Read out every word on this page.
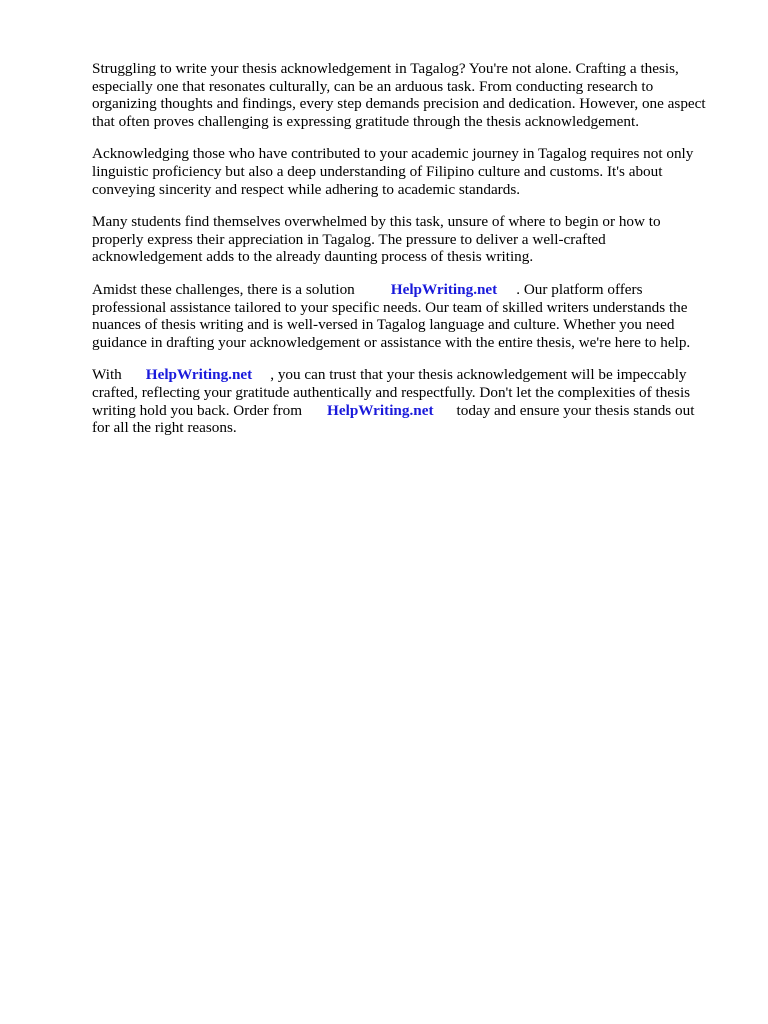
Struggling to write your thesis acknowledgement in Tagalog? You're not alone. Crafting a thesis,
especially one that resonates culturally, can be an arduous task. From conducting research to
organizing thoughts and findings, every step demands precision and dedication. However, one aspect
that often proves challenging is expressing gratitude through the thesis acknowledgement.

Acknowledging those who have contributed to your academic journey in Tagalog requires not only
linguistic proficiency but also a deep understanding of Filipino culture and customs. It's about
conveying sincerity and respect while adhering to academic standards.

Many students find themselves overwhelmed by this task, unsure of where to begin or how to
properly express their appreciation in Tagalog. The pressure to deliver a well-crafted
acknowledgement adds to the already daunting process of thesis writing.

Amidst these challenges, there is a solution HelpWriting.net . Our platform offers
professional assistance tailored to your specific needs. Our team of skilled writers understands the
nuances of thesis writing and is well-versed in Tagalog language and culture. Whether you need
guidance in drafting your acknowledgement or assistance with the entire thesis, we're here to help.

With HelpWriting.net , you can trust that your thesis acknowledgement will be impeccably
crafted, reflecting your gratitude authentically and respectfully. Don't let the complexities of thesis
writing hold you back. Order from HelpWriting.net today and ensure your thesis stands out
for all the right reasons.
